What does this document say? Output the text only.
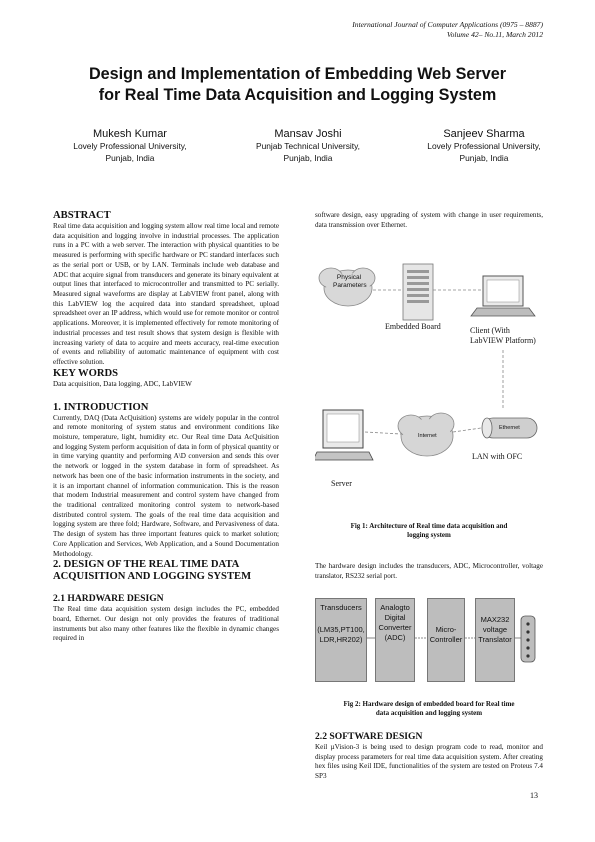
International Journal of Computer Applications (0975 – 8887)
Volume 42– No.11, March 2012
Design and Implementation of Embedding Web Server
for Real Time Data Acquisition and Logging System
Mukesh Kumar
Lovely Professional University,
Punjab, India
Mansav Joshi
Punjab Technical University,
Punjab, India
Sanjeev Sharma
Lovely Professional University,
Punjab, India
ABSTRACT

Real time data acquisition and logging system allow real time local and remote data acquisition and logging involve in industrial processes. The application runs in a PC with a web server. The interaction with physical quantities to be measured is performing with specific hardware or PC standard interfaces such as the serial port or USB, or by LAN. Terminals include web database and ADC that acquire signal from transducers and generate its binary equivalent at output lines that interfaced to microcontroller and transmitted to PC serially. Measured signal waveforms are display at LabVIEW front panel, along with this LabVIEW log the acquired data into standard spreadsheet, upload spreadsheet over an IP address, which would use for remote monitor or control applications. Moreover, it is implemented effectively for remote monitoring of industrial processes and test result shows that system design is flexible with increasing variety of data to acquire and meets accuracy, real-time execution of events and reliability of automatic maintenance of equipment with cost effective solution.

KEY WORDS

Data acquisition, Data logging, ADC, LabVIEW

1. INTRODUCTION

Currently, DAQ (Data AcQuisition) systems are widely popular in the control and remote monitoring of system status and environment conditions like moisture, temperature, light, humidity etc. Our Real time Data AcQuisition and logging System perform acquisition of data in form of physical quantity or in time varying quantity and performing A\D conversion and sends this over the network or logged in the system database in form of spreadsheet. As network has been one of the basic information instruments in the society, and it is an important channel of information communication. This is the reason that modern Industrial measurement and control system have changed from the traditional centralized monitoring control system to network-based distributed control system. The goals of the real time data acquisition and logging system are three fold; Hardware, Software, and Pervasiveness of data. The design of system has three important features quick to market solution; Core Application and Services, Web Application, and a Sound Documentation Methodology.

2. DESIGN OF THE REAL TIME DATA
ACQUISITION AND LOGGING SYSTEM
2.1 HARDWARE DESIGN

The Real time data acquisition system design includes the PC, embedded board, Ethernet. Our design not only provides the features of traditional instruments but also many other features like the flexible in dynamic changes required in

software design, easy upgrading of system with change in user requirements, data transmission over Ethernet.

Physical
Parameters
Embedded Board	Client (With
LabVIEW Platform)
Internet
Ethernet
LAN with OFC
Server
Fig 1: Architecture of Real time data acquisition and
logging system

The hardware design includes the transducers, ADC, Microcontroller, voltage translator, RS232 serial port.

Transducers
(LM35,PT100,
LDR,HR202)
Analogto
Digital
Converter
(ADC)
Micro-
Controller
MAX232
voltage
Translator
Fig 2: Hardware design of embedded board for Real time
data acquisition and logging system
2.2 SOFTWARE DESIGN

Keil µVision-3 is being used to design program code to read, monitor and display process parameters for real time data acquisition system. After creating hex files using Keil IDE, functionalities of the system are tested on Proteus 7.4 SP3

13
